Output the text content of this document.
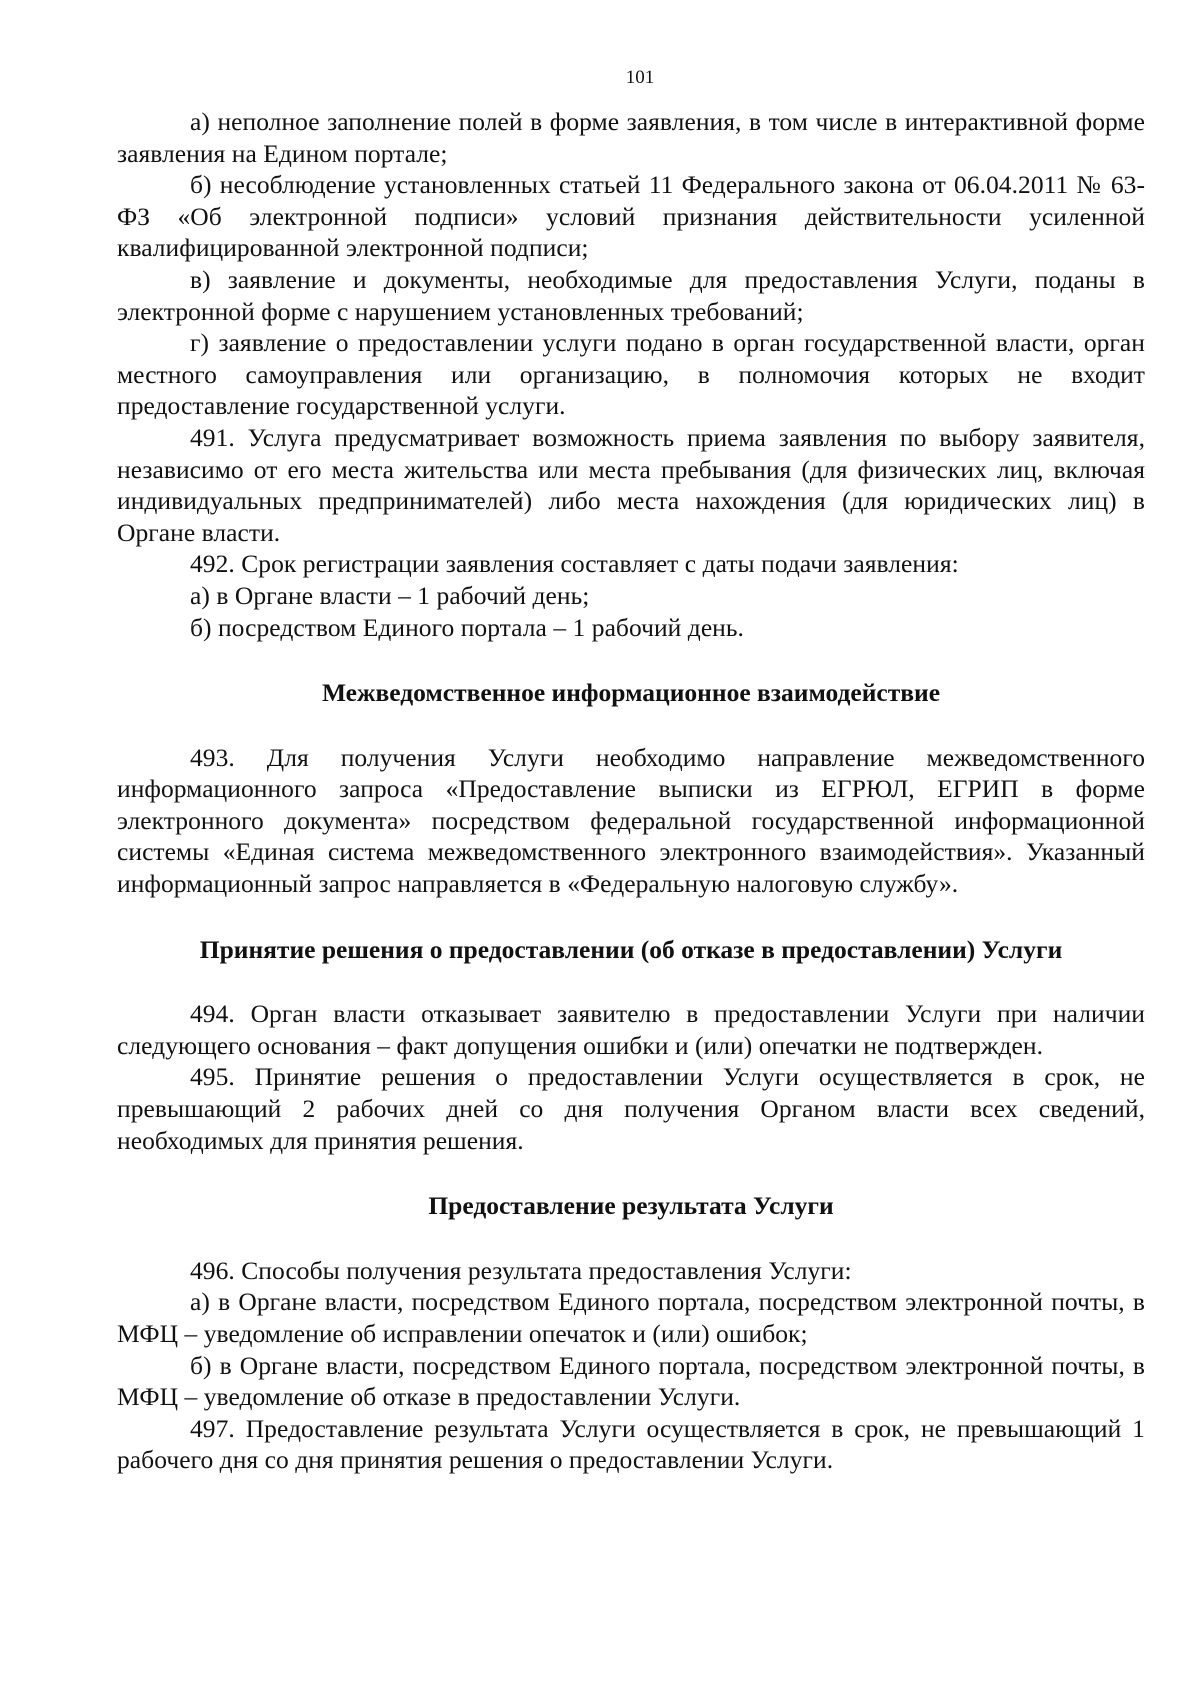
101

а) неполное заполнение полей в форме заявления, в том числе в интерактивной форме заявления на Едином портале;

б) несоблюдение установленных статьей 11 Федерального закона от 06.04.2011 № 63-ФЗ «Об электронной подписи» условий признания действительности усиленной квалифицированной электронной подписи;

в) заявление и документы, необходимые для предоставления Услуги, поданы в электронной форме с нарушением установленных требований;

г) заявление о предоставлении услуги подано в орган государственной власти, орган местного самоуправления или организацию, в полномочия которых не входит предоставление государственной услуги.

491. Услуга предусматривает возможность приема заявления по выбору заявителя, независимо от его места жительства или места пребывания (для физических лиц, включая индивидуальных предпринимателей) либо места нахождения (для юридических лиц) в Органе власти.

492. Срок регистрации заявления составляет с даты подачи заявления:

а) в Органе власти – 1 рабочий день;

б) посредством Единого портала – 1 рабочий день.

Межведомственное информационное взаимодействие

493. Для получения Услуги необходимо направление межведомственного информационного запроса «Предоставление выписки из ЕГРЮЛ, ЕГРИП в форме электронного документа» посредством федеральной государственной информационной системы «Единая система межведомственного электронного взаимодействия». Указанный информационный запрос направляется в «Федеральную налоговую службу».

Принятие решения о предоставлении (об отказе в предоставлении) Услуги

494. Орган власти отказывает заявителю в предоставлении Услуги при наличии следующего основания – факт допущения ошибки и (или) опечатки не подтвержден.

495. Принятие решения о предоставлении Услуги осуществляется в срок, не превышающий 2 рабочих дней со дня получения Органом власти всех сведений, необходимых для принятия решения.

Предоставление результата Услуги

496. Способы получения результата предоставления Услуги:

а) в Органе власти, посредством Единого портала, посредством электронной почты, в МФЦ – уведомление об исправлении опечаток и (или) ошибок;

б) в Органе власти, посредством Единого портала, посредством электронной почты, в МФЦ – уведомление об отказе в предоставлении Услуги.

497. Предоставление результата Услуги осуществляется в срок, не превышающий 1 рабочего дня со дня принятия решения о предоставлении Услуги.
